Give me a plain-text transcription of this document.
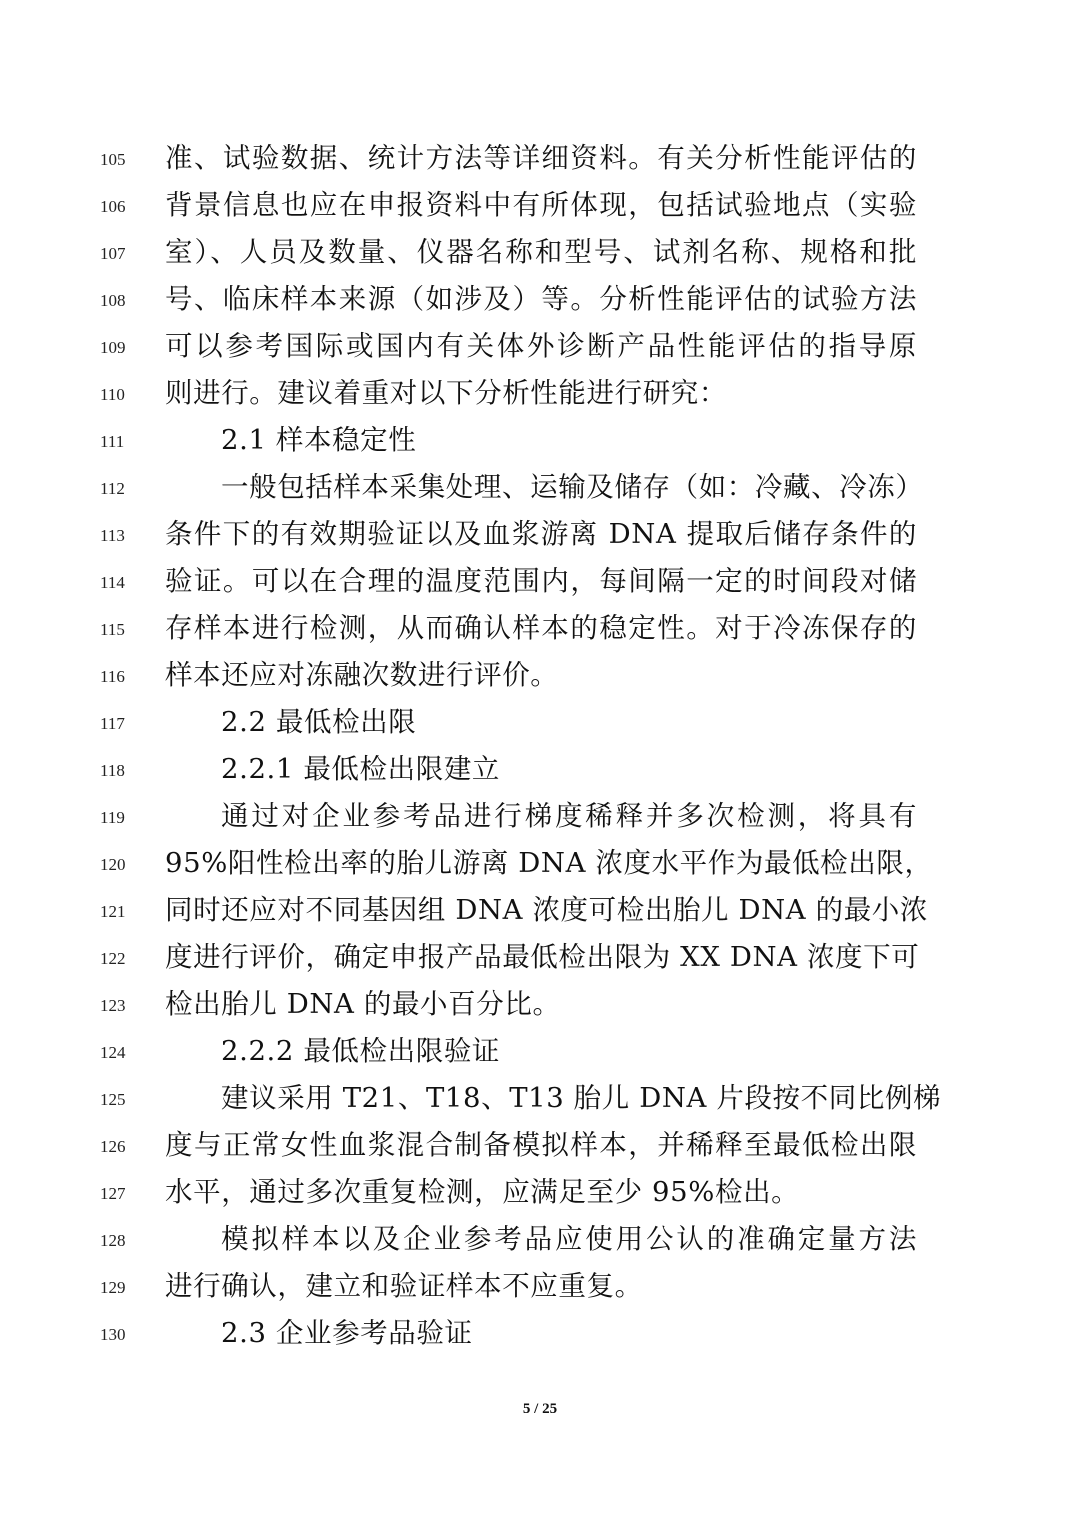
105	准、试验数据、统计方法等详细资料。有关分析性能评估的
106	背景信息也应在申报资料中有所体现，包括试验地点（实验
107	室）、人员及数量、仪器名称和型号、试剂名称、规格和批
108	号、临床样本来源（如涉及）等。分析性能评估的试验方法
109	可以参考国际或国内有关体外诊断产品性能评估的指导原
110	则进行。建议着重对以下分析性能进行研究：
111	2.1 样本稳定性
112	一般包括样本采集处理、运输及储存（如：冷藏、冷冻）
113	条件下的有效期验证以及血浆游离 DNA 提取后储存条件的
114	验证。可以在合理的温度范围内，每间隔一定的时间段对储
115	存样本进行检测，从而确认样本的稳定性。对于冷冻保存的
116	样本还应对冻融次数进行评价。
117	2.2 最低检出限
118	2.2.1 最低检出限建立
119	通过对企业参考品进行梯度稀释并多次检测，将具有
120	95%阳性检出率的胎儿游离 DNA 浓度水平作为最低检出限，
121	同时还应对不同基因组 DNA 浓度可检出胎儿 DNA 的最小浓
122	度进行评价，确定申报产品最低检出限为 XX DNA 浓度下可
123	检出胎儿 DNA 的最小百分比。
124	2.2.2 最低检出限验证
125	建议采用 T21、T18、T13 胎儿 DNA 片段按不同比例梯
126	度与正常女性血浆混合制备模拟样本，并稀释至最低检出限
127	水平，通过多次重复检测，应满足至少 95%检出。
128	模拟样本以及企业参考品应使用公认的准确定量方法
129	进行确认，建立和验证样本不应重复。
130	2.3 企业参考品验证
5 / 25
